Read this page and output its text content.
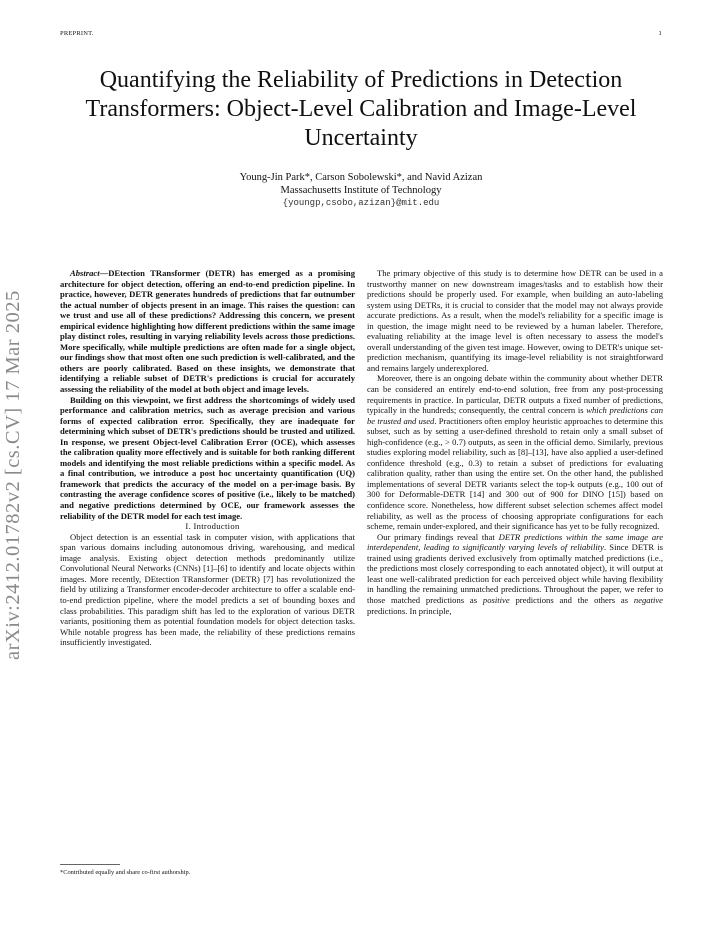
PREPRINT.	1
Quantifying the Reliability of Predictions in Detection Transformers: Object-Level Calibration and Image-Level Uncertainty
Young-Jin Park*, Carson Sobolewski*, and Navid Azizan
Massachusetts Institute of Technology
{youngp,csobo,azizan}@mit.edu
arXiv:2412.01782v2 [cs.CV] 17 Mar 2025

Abstract—DEtection TRansformer (DETR) has emerged as a promising architecture for object detection, offering an end-to-end prediction pipeline. In practice, however, DETR generates hundreds of predictions that far outnumber the actual number of objects present in an image. This raises the question: can we trust and use all of these predictions? Addressing this concern, we present empirical evidence highlighting how different predictions within the same image play distinct roles, resulting in varying reliability levels across those predictions. More specifically, while multiple predictions are often made for a single object, our findings show that most often one such prediction is well-calibrated, and the others are poorly calibrated. Based on these insights, we demonstrate that identifying a reliable subset of DETR's predictions is crucial for accurately assessing the reliability of the model at both object and image levels.

Building on this viewpoint, we first address the shortcomings of widely used performance and calibration metrics, such as average precision and various forms of expected calibration error. Specifically, they are inadequate for determining which subset of DETR's predictions should be trusted and utilized. In response, we present Object-level Calibration Error (OCE), which assesses the calibration quality more effectively and is suitable for both ranking different models and identifying the most reliable predictions within a specific model. As a final contribution, we introduce a post hoc uncertainty quantification (UQ) framework that predicts the accuracy of the model on a per-image basis. By contrasting the average confidence scores of positive (i.e., likely to be matched) and negative predictions determined by OCE, our framework assesses the reliability of the DETR model for each test image.

I. Introduction

Object detection is an essential task in computer vision, with applications that span various domains including autonomous driving, warehousing, and medical image analysis. Existing object detection methods predominantly utilize Convolutional Neural Networks (CNNs) [1]–[6] to identify and locate objects within images. More recently, DEtection TRansformer (DETR) [7] has revolutionized the field by utilizing a Transformer encoder-decoder architecture to offer a scalable end-to-end prediction pipeline, where the model predicts a set of bounding boxes and class probabilities. This paradigm shift has led to the exploration of various DETR variants, positioning them as potential foundation models for object detection tasks. While notable progress has been made, the reliability of these predictions remains insufficiently investigated.

*Contributed equally and share co-first authorship.

The primary objective of this study is to determine how DETR can be used in a trustworthy manner on new downstream images/tasks and to establish how their predictions should be properly used. For example, when building an auto-labeling system using DETRs, it is crucial to consider that the model may not always provide accurate predictions. As a result, when the model's reliability for a specific image is in question, the image might need to be reviewed by a human labeler. Therefore, evaluating reliability at the image level is often necessary to assess the model's overall understanding of the given test image. However, owing to DETR's unique set-prediction mechanism, quantifying its image-level reliability is not straightforward and remains largely underexplored.

Moreover, there is an ongoing debate within the community about whether DETR can be considered an entirely end-to-end solution, free from any post-processing requirements in practice. In particular, DETR outputs a fixed number of predictions, typically in the hundreds; consequently, the central concern is which predictions can be trusted and used. Practitioners often employ heuristic approaches to determine this subset, such as by setting a user-defined threshold to retain only a small subset of high-confidence (e.g., > 0.7) outputs, as seen in the official demo. Similarly, previous studies exploring model reliability, such as [8]–[13], have also applied a user-defined confidence threshold (e.g., 0.3) to retain a subset of predictions for evaluating calibration quality, rather than using the entire set. On the other hand, the published implementations of several DETR variants select the top-k outputs (e.g., 100 out of 300 for Deformable-DETR [14] and 300 out of 900 for DINO [15]) based on confidence score. Nonetheless, how different subset selection schemes affect model reliability, as well as the process of choosing appropriate configurations for each scheme, remain under-explored, and their significance has yet to be fully recognized.

Our primary findings reveal that DETR predictions within the same image are interdependent, leading to significantly varying levels of reliability. Since DETR is trained using gradients derived exclusively from optimally matched predictions (i.e., the predictions most closely corresponding to each annotated object), it will output at least one well-calibrated prediction for each perceived object while having flexibility in handling the remaining unmatched predictions. Throughout the paper, we refer to those matched predictions as positive predictions and the others as negative predictions. In principle,
